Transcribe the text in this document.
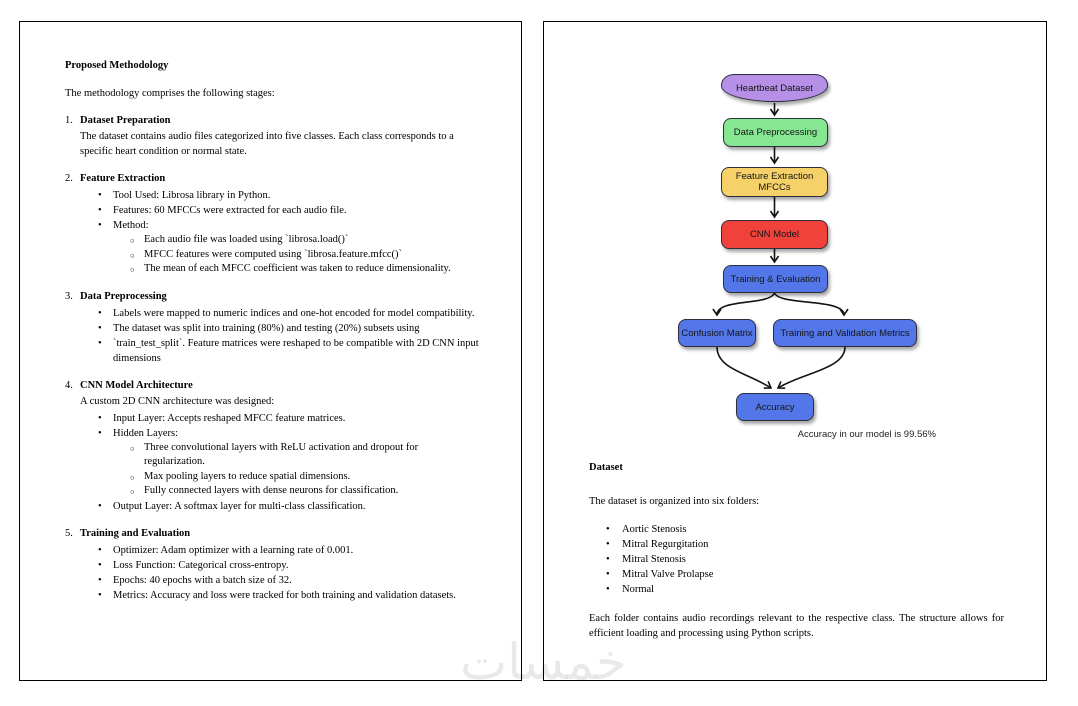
Proposed Methodology

The methodology comprises the following stages:

1. Dataset Preparation

The dataset contains audio files categorized into five classes. Each class corresponds to a specific heart condition or normal state.

2. Feature Extraction
• Tool Used: Librosa library in Python.
• Features: 60 MFCCs were extracted for each audio file.
• Method:
○ Each audio file was loaded using `librosa.load()`
○ MFCC features were computed using `librosa.feature.mfcc()`
○ The mean of each MFCC coefficient was taken to reduce dimensionality.
3. Data Preprocessing
• Labels were mapped to numeric indices and one-hot encoded for model compatibility.
• The dataset was split into training (80%) and testing (20%) subsets using
• `train_test_split`. Feature matrices were reshaped to be compatible with 2D CNN input dimensions
4. CNN Model Architecture

A custom 2D CNN architecture was designed:

• Input Layer: Accepts reshaped MFCC feature matrices.
• Hidden Layers:
○ Three convolutional layers with ReLU activation and dropout for regularization.
○ Max pooling layers to reduce spatial dimensions.
○ Fully connected layers with dense neurons for classification.
• Output Layer: A softmax layer for multi-class classification.
5. Training and Evaluation
• Optimizer: Adam optimizer with a learning rate of 0.001.
• Loss Function: Categorical cross-entropy.
• Epochs: 40 epochs with a batch size of 32.
• Metrics: Accuracy and loss were tracked for both training and validation datasets.
Heartbeat Dataset
Data Preprocessing
Feature Extraction MFCCs
CNN Model
Training & Evaluation
Confusion Matrix	Training and Validation Metrics
Accuracy
Accuracy in our model is 99.56%
Dataset

The dataset is organized into six folders:

• Aortic Stenosis
• Mitral Regurgitation
• Mitral Stenosis
• Mitral Valve Prolapse
• Normal

Each folder contains audio recordings relevant to the respective class. The structure allows for efficient loading and processing using Python scripts.
